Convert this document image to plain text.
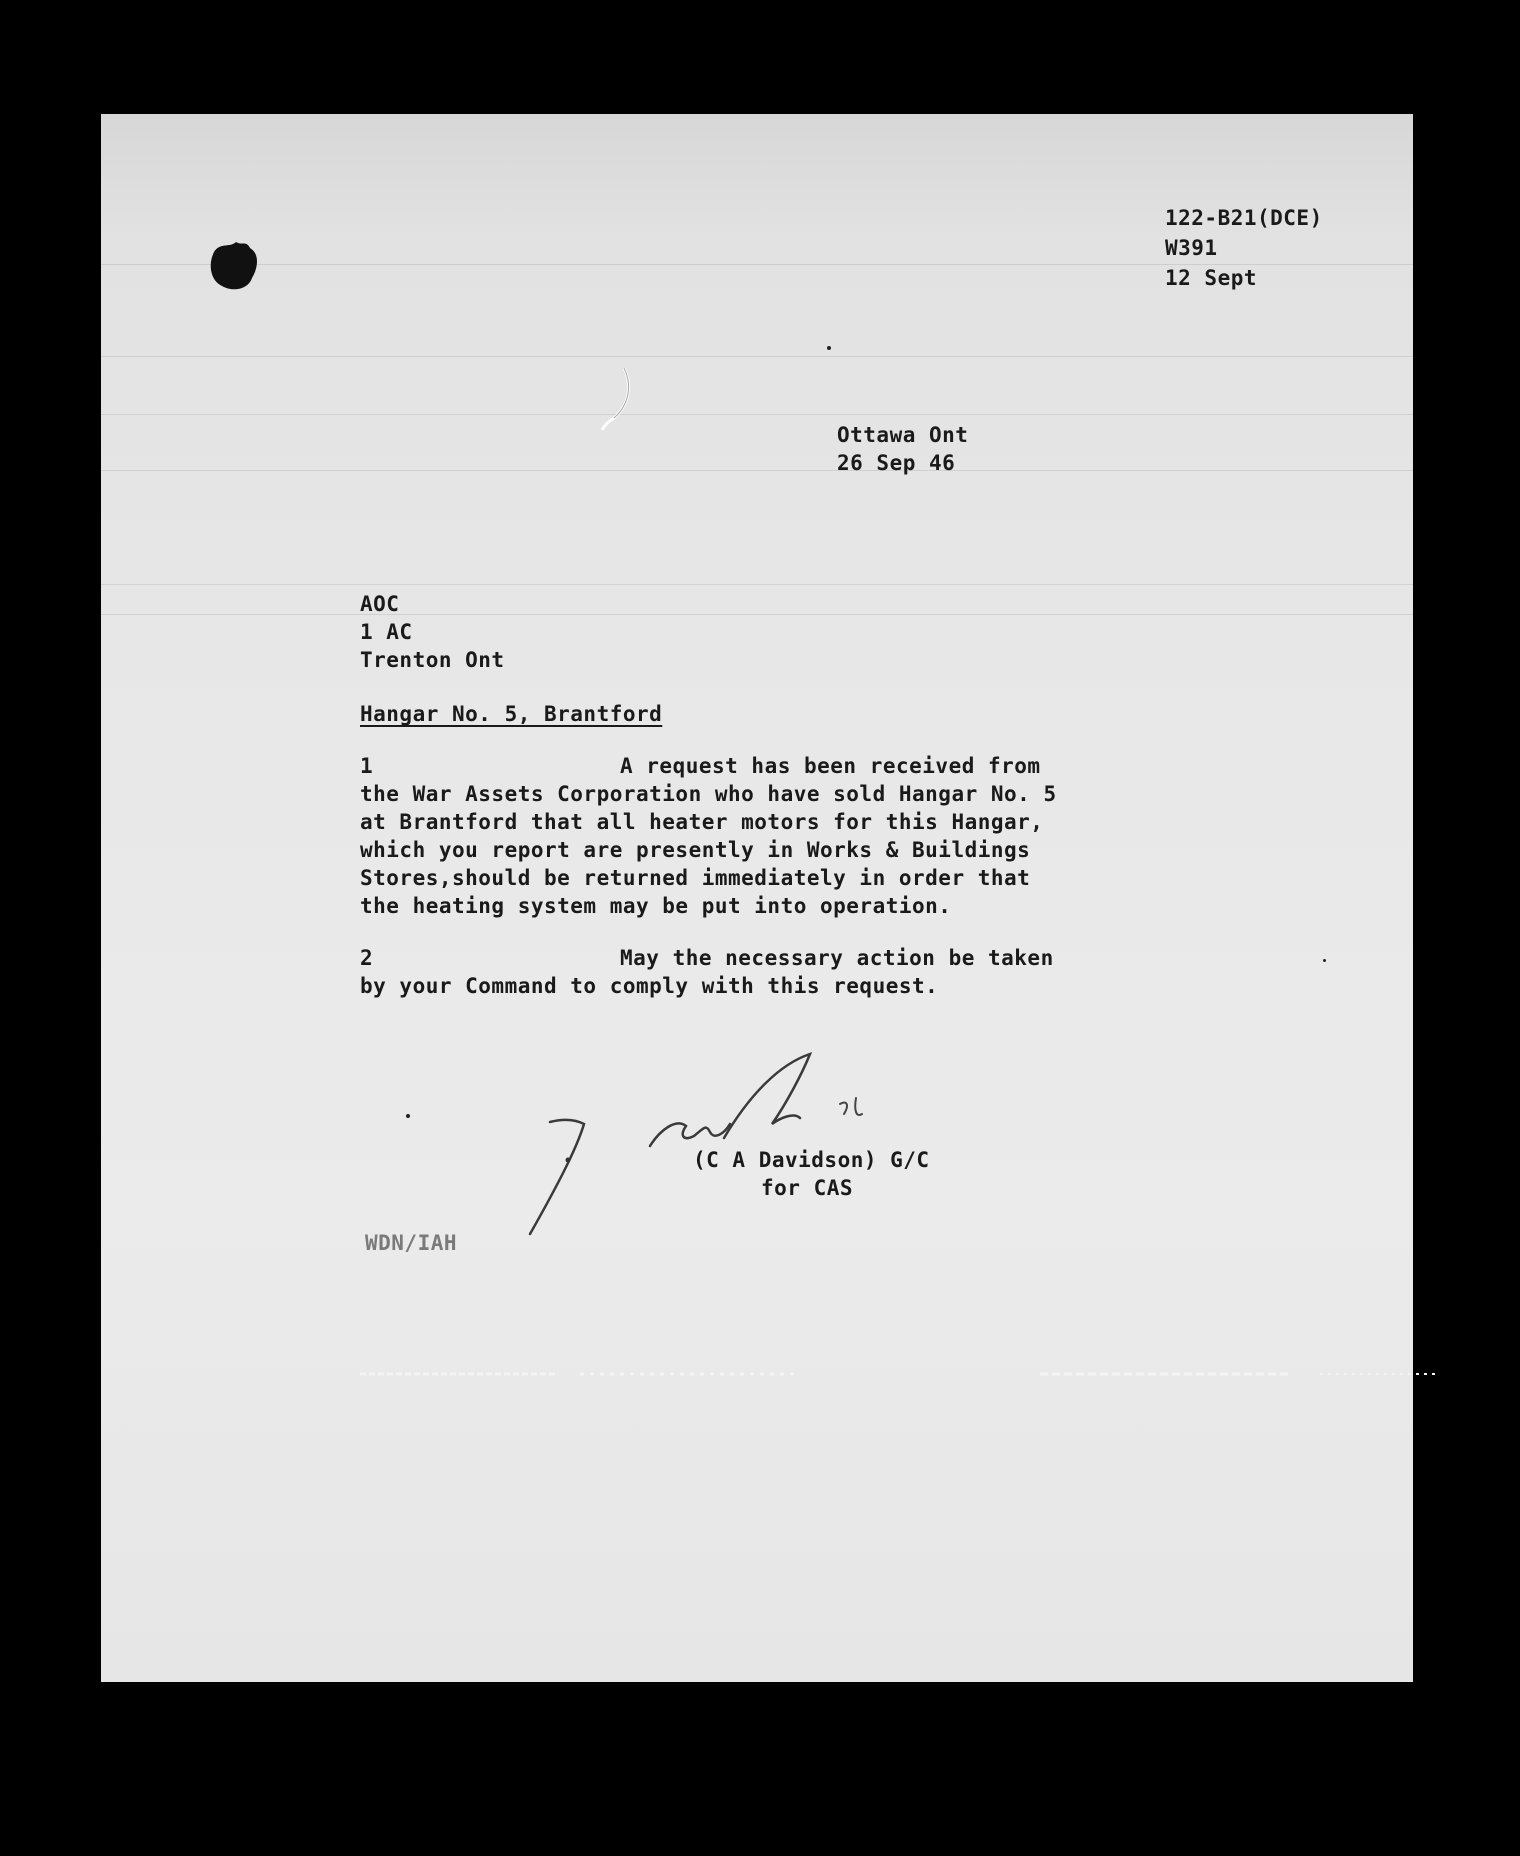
122-B21(DCE)
W391
12 Sept
Ottawa Ont
26 Sep 46
AOC
1 AC
Trenton Ont
Hangar No. 5, Brantford
1	A request has been received from
the War Assets Corporation who have sold Hangar No. 5
at Brantford that all heater motors for this Hangar,
which you report are presently in Works & Buildings
Stores,should be returned immediately in order that
the heating system may be put into operation.
2	May the necessary action be taken
by your Command to comply with this request.
(C A Davidson) G/C
for CAS
WDN/IAH
